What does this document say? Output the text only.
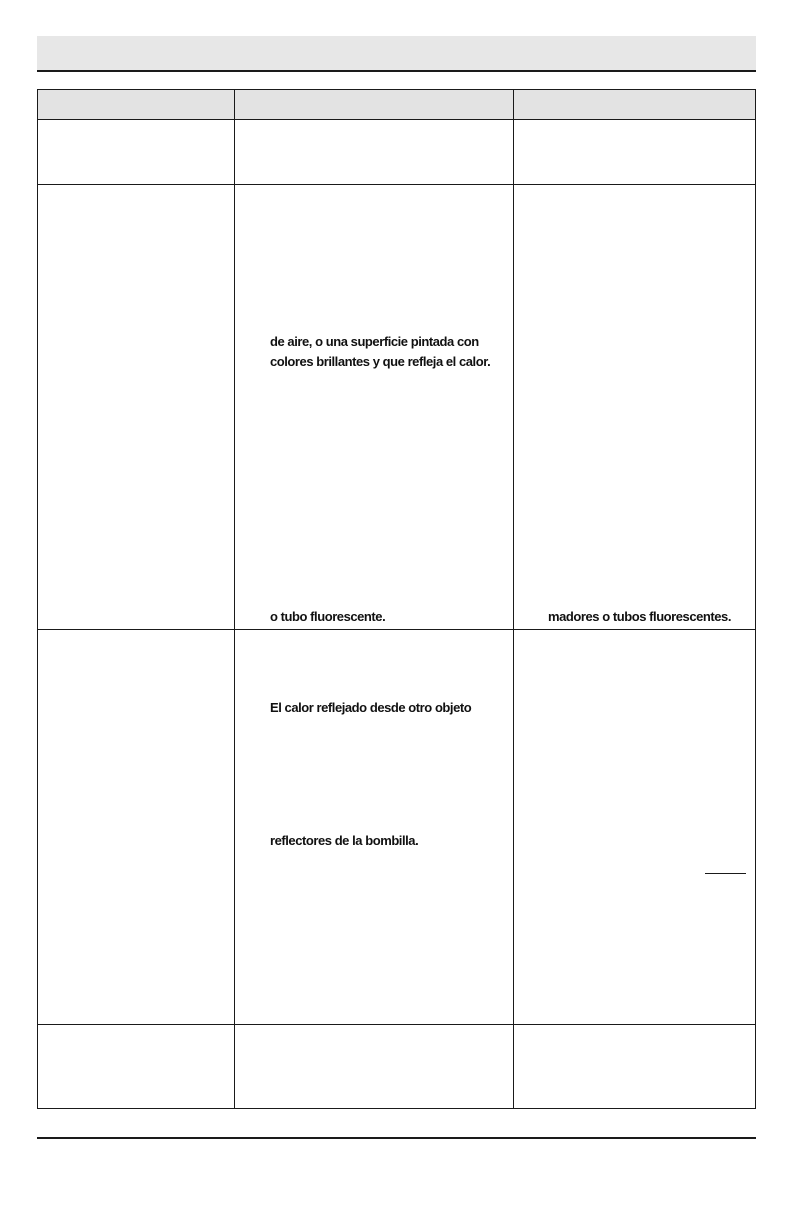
de aire, o una superficie pintada con
colores brillantes y que refleja el calor.
o tubo fluorescente.	madores o tubos fluorescentes.
El calor reflejado desde otro objeto
reflectores de la bombilla.
